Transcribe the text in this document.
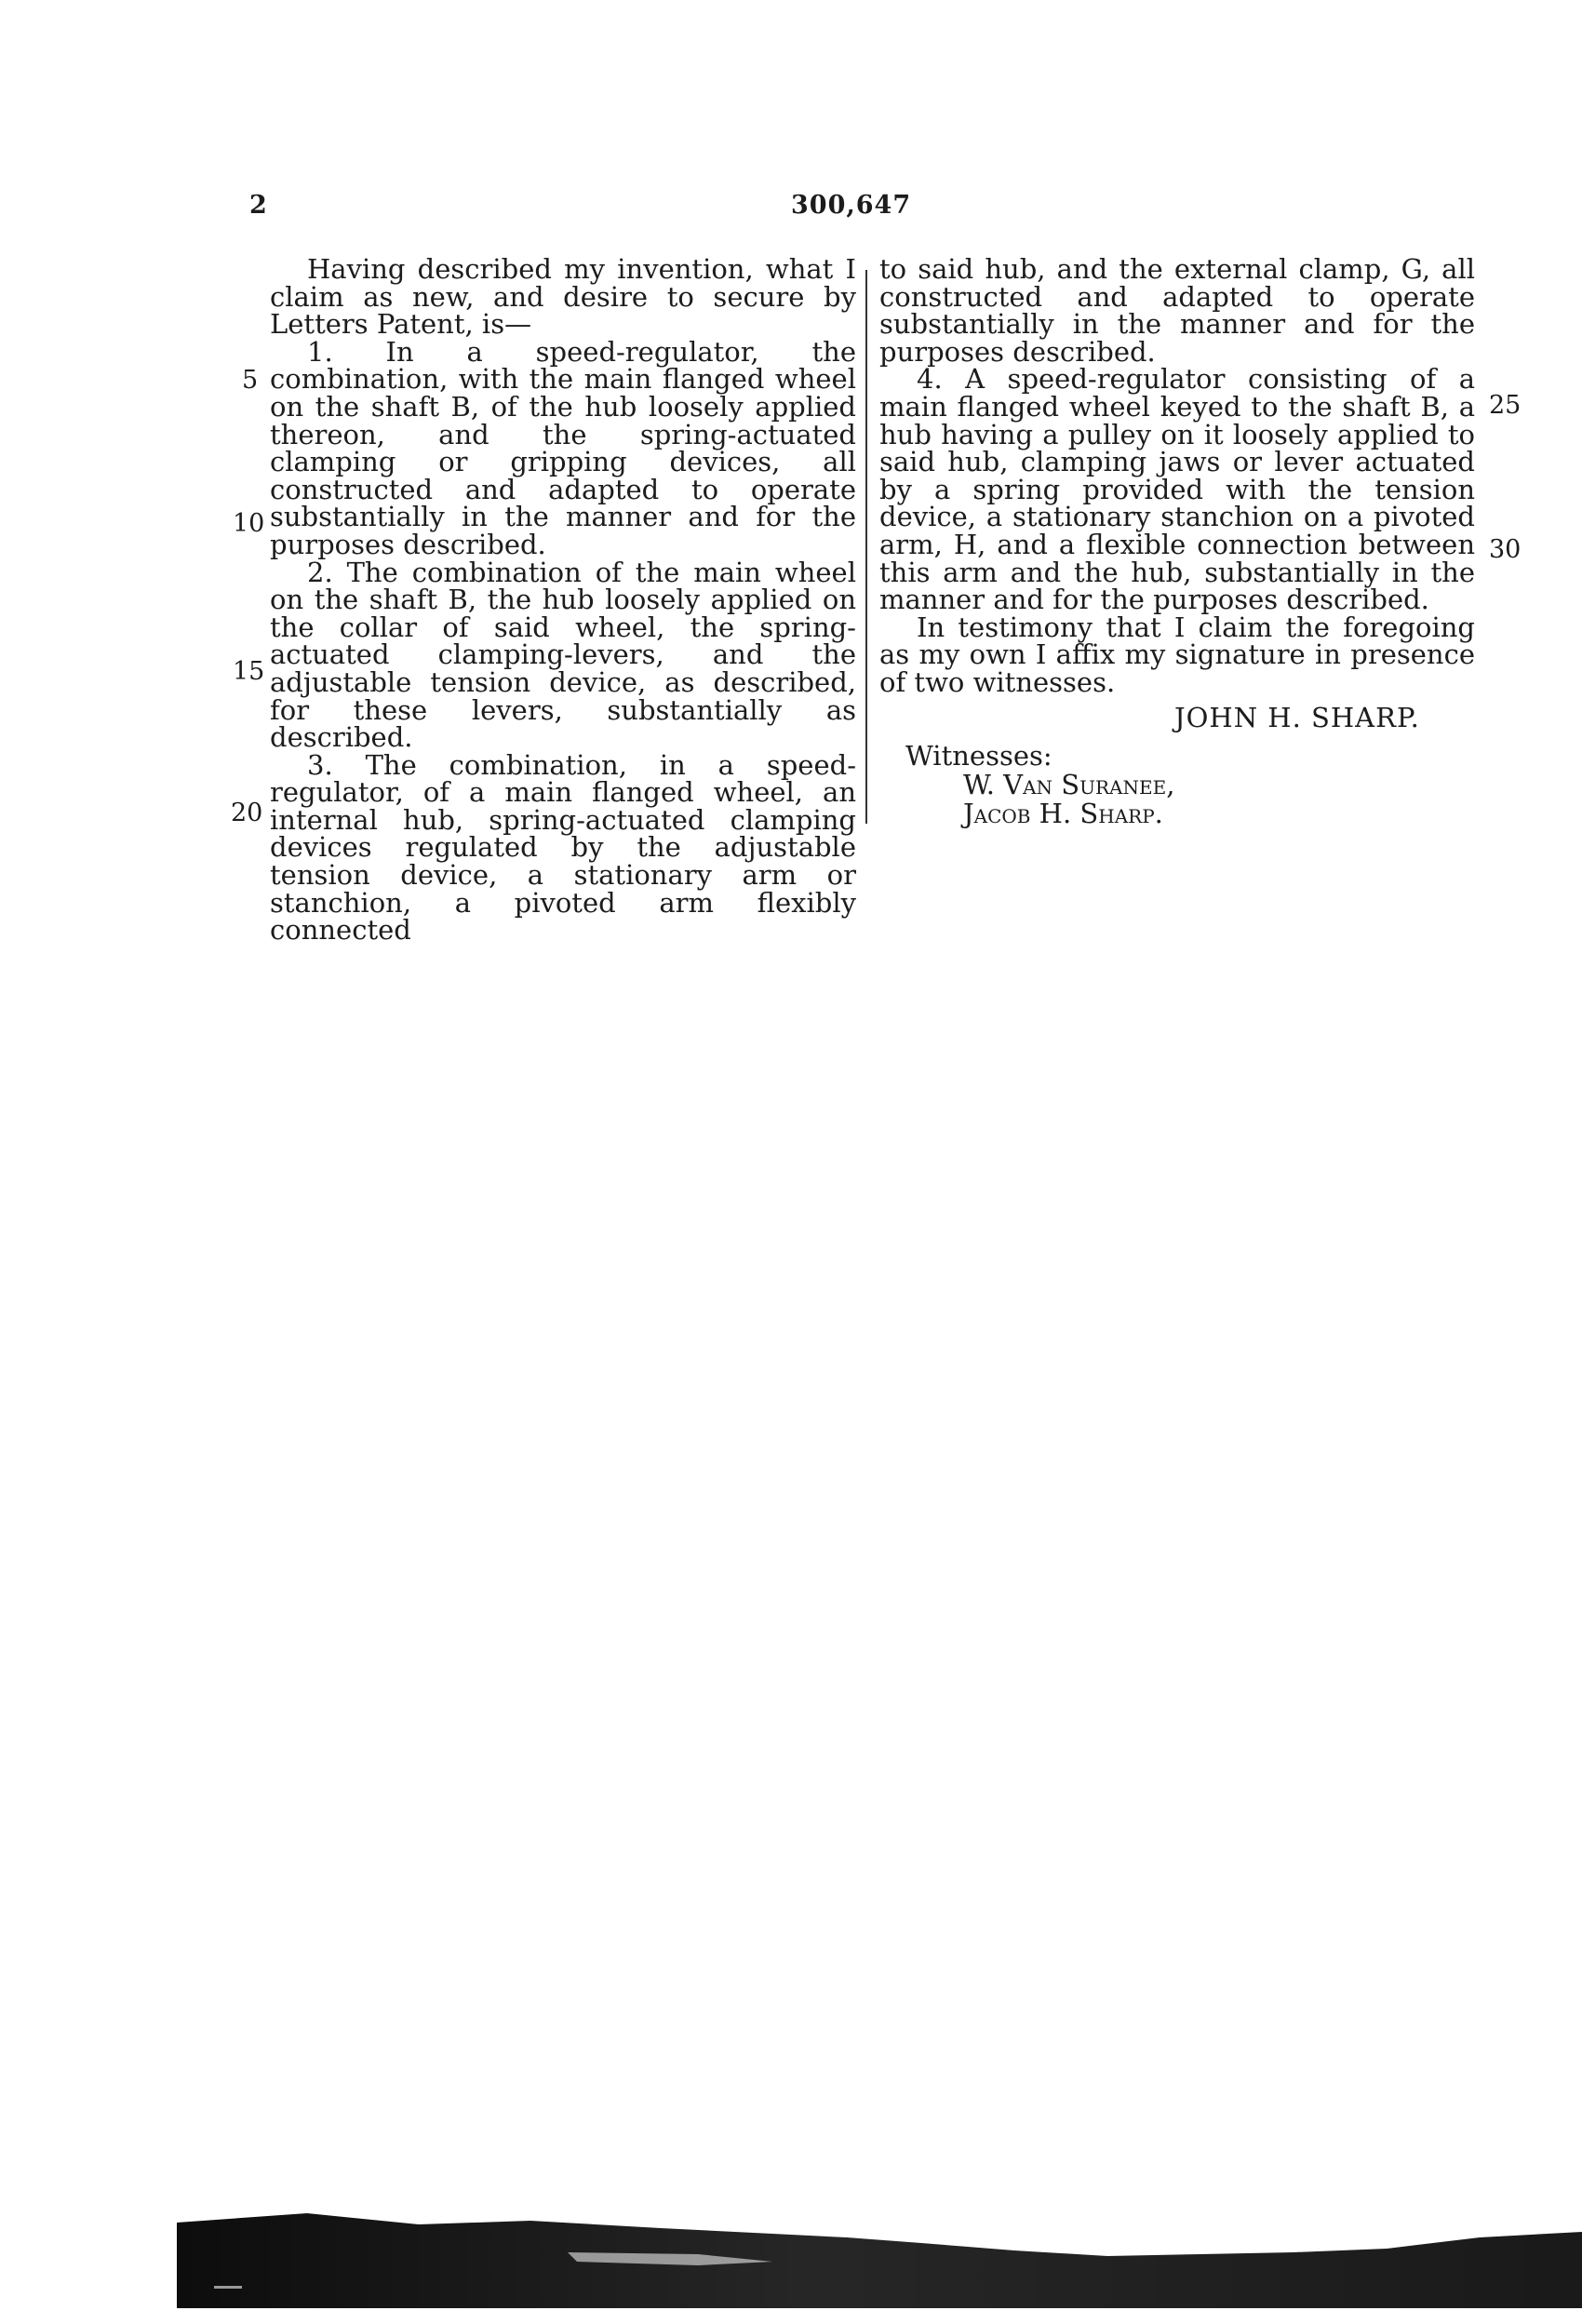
2	300,647
5
10
15
20
25
30

Having described my invention, what I claim as new, and desire to secure by Letters Patent, is—

1. In a speed-regulator, the combination, with the main flanged wheel on the shaft B, of the hub loosely applied thereon, and the spring-actuated clamping or gripping devices, all constructed and adapted to operate substantially in the manner and for the purposes described.

2. The combination of the main wheel on the shaft B, the hub loosely applied on the collar of said wheel, the spring-actuated clamping-levers, and the adjustable tension device, as described, for these levers, substantially as described.

3. The combination, in a speed-regulator, of a main flanged wheel, an internal hub, spring-actuated clamping devices regulated by the adjustable tension device, a stationary arm or stanchion, a pivoted arm flexibly connected

to said hub, and the external clamp, G, all constructed and adapted to operate substantially in the manner and for the purposes described.

4. A speed-regulator consisting of a main flanged wheel keyed to the shaft B, a hub having a pulley on it loosely applied to said hub, clamping jaws or lever actuated by a spring provided with the tension device, a stationary stanchion on a pivoted arm, H, and a flexible connection between this arm and the hub, substantially in the manner and for the purposes described.

In testimony that I claim the foregoing as my own I affix my signature in presence of two witnesses.

JOHN H. SHARP.
Witnesses:
W. Van Suranee,
Jacob H. Sharp.
